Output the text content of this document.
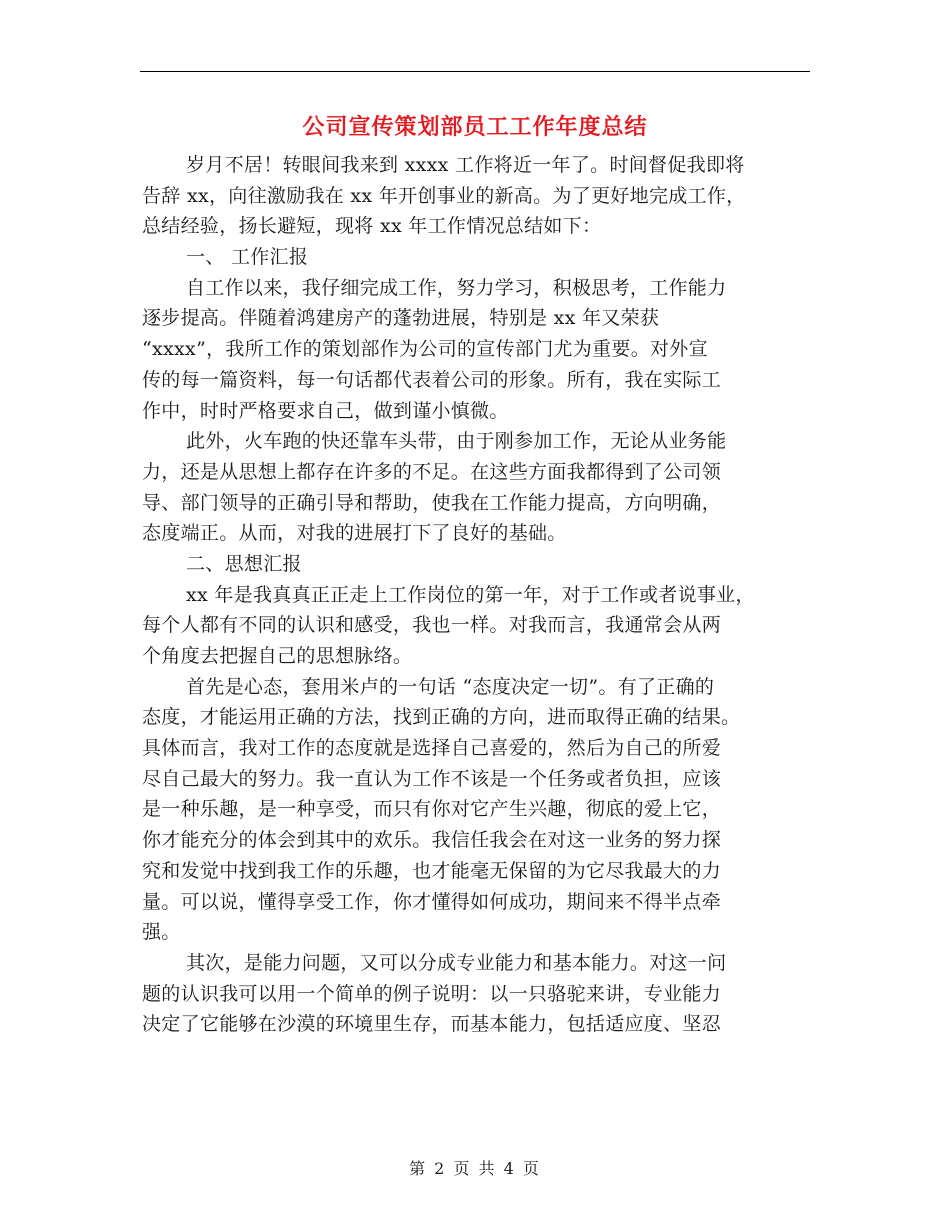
公司宣传策划部员工工作年度总结
岁月不居！转眼间我来到 xxxx 工作将近一年了。时间督促我即将
告辞 xx，向往激励我在 xx 年开创事业的新高。为了更好地完成工作，
总结经验，扬长避短，现将 xx 年工作情况总结如下：
一、 工作汇报
自工作以来，我仔细完成工作，努力学习，积极思考，工作能力
逐步提高。伴随着鸿建房产的蓬勃进展，特别是 xx 年又荣获
“xxxx”，我所工作的策划部作为公司的宣传部门尤为重要。对外宣
传的每一篇资料，每一句话都代表着公司的形象。所有，我在实际工
作中，时时严格要求自己，做到谨小慎微。
此外，火车跑的快还靠车头带，由于刚参加工作，无论从业务能
力，还是从思想上都存在许多的不足。在这些方面我都得到了公司领
导、部门领导的正确引导和帮助，使我在工作能力提高，方向明确，
态度端正。从而，对我的进展打下了良好的基础。
二、思想汇报
xx 年是我真真正正走上工作岗位的第一年，对于工作或者说事业，
每个人都有不同的认识和感受，我也一样。对我而言，我通常会从两
个角度去把握自己的思想脉络。
首先是心态，套用米卢的一句话 “态度决定一切”。有了正确的
态度，才能运用正确的方法，找到正确的方向，进而取得正确的结果。
具体而言，我对工作的态度就是选择自己喜爱的，然后为自己的所爱
尽自己最大的努力。我一直认为工作不该是一个任务或者负担，应该
是一种乐趣，是一种享受，而只有你对它产生兴趣，彻底的爱上它，
你才能充分的体会到其中的欢乐。我信任我会在对这一业务的努力探
究和发觉中找到我工作的乐趣，也才能毫无保留的为它尽我最大的力
量。可以说，懂得享受工作，你才懂得如何成功，期间来不得半点牵
强。
其次，是能力问题，又可以分成专业能力和基本能力。对这一问
题的认识我可以用一个简单的例子说明：以一只骆驼来讲，专业能力
决定了它能够在沙漠的环境里生存，而基本能力，包括适应度、坚忍
第 2 页 共 4 页
